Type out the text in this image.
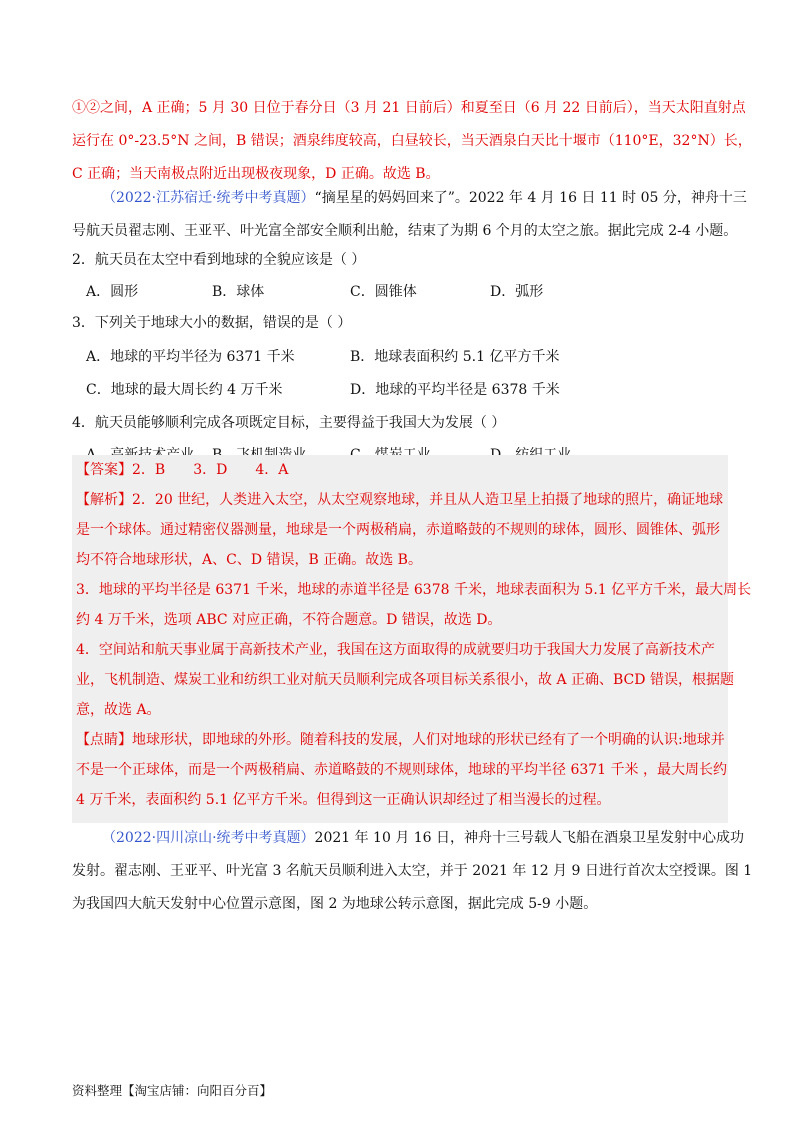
①②之间，A 正确；5 月 30 日位于春分日（3 月 21 日前后）和夏至日（6 月 22 日前后），当天太阳直射点
运行在 0°-23.5°N 之间，B 错误；酒泉纬度较高，白昼较长，当天酒泉白天比十堰市（110°E，32°N）长，
C 正确；当天南极点附近出现极夜现象，D 正确。故选 B。
（2022·江苏宿迁·统考中考真题）“摘星星的妈妈回来了”。2022 年 4 月 16 日 11 时 05 分，神舟十三
号航天员翟志刚、王亚平、叶光富全部安全顺利出舱，结束了为期 6 个月的太空之旅。据此完成 2-4 小题。
2．航天员在太空中看到地球的全貌应该是（ ）
A．圆形	B．球体	C．圆锥体	D．弧形
3．下列关于地球大小的数据，错误的是（ ）
A．地球的平均半径为 6371 千米	B．地球表面积约 5.1 亿平方千米
C．地球的最大周长约 4 万千米	D．地球的平均半径是 6378 千米
4．航天员能够顺利完成各项既定目标，主要得益于我国大为发展（ ）
【答案】2．B　　3．D　　4．A
【解析】2．20 世纪，人类进入太空，从太空观察地球，并且从人造卫星上拍摄了地球的照片，确证地球
是一个球体。通过精密仪器测量，地球是一个两极稍扁，赤道略鼓的不规则的球体，圆形、圆锥体、弧形
均不符合地球形状，A、C、D 错误，B 正确。故选 B。
3．地球的平均半径是 6371 千米，地球的赤道半径是 6378 千米，地球表面积为 5.1 亿平方千米，最大周长
约 4 万千米，选项 ABC 对应正确，不符合题意。D 错误，故选 D。
4．空间站和航天事业属于高新技术产业，我国在这方面取得的成就要归功于我国大力发展了高新技术产
业，飞机制造、煤炭工业和纺织工业对航天员顺利完成各项目标关系很小，故 A 正确、BCD 错误，根据题
意，故选 A。
【点睛】地球形状，即地球的外形。随着科技的发展，人们对地球的形状已经有了一个明确的认识:地球并
不是一个正球体，而是一个两极稍扁、赤道略鼓的不规则球体，地球的平均半径 6371 千米 ，最大周长约
4 万千米，表面积约 5.1 亿平方千米。但得到这一正确认识却经过了相当漫长的过程。
（2022·四川凉山·统考中考真题）2021 年 10 月 16 日，神舟十三号载人飞船在酒泉卫星发射中心成功
发射。翟志刚、王亚平、叶光富 3 名航天员顺利进入太空，并于 2021 年 12 月 9 日进行首次太空授课。图 1
为我国四大航天发射中心位置示意图，图 2 为地球公转示意图，据此完成 5-9 小题。
资料整理【淘宝店铺：向阳百分百】
